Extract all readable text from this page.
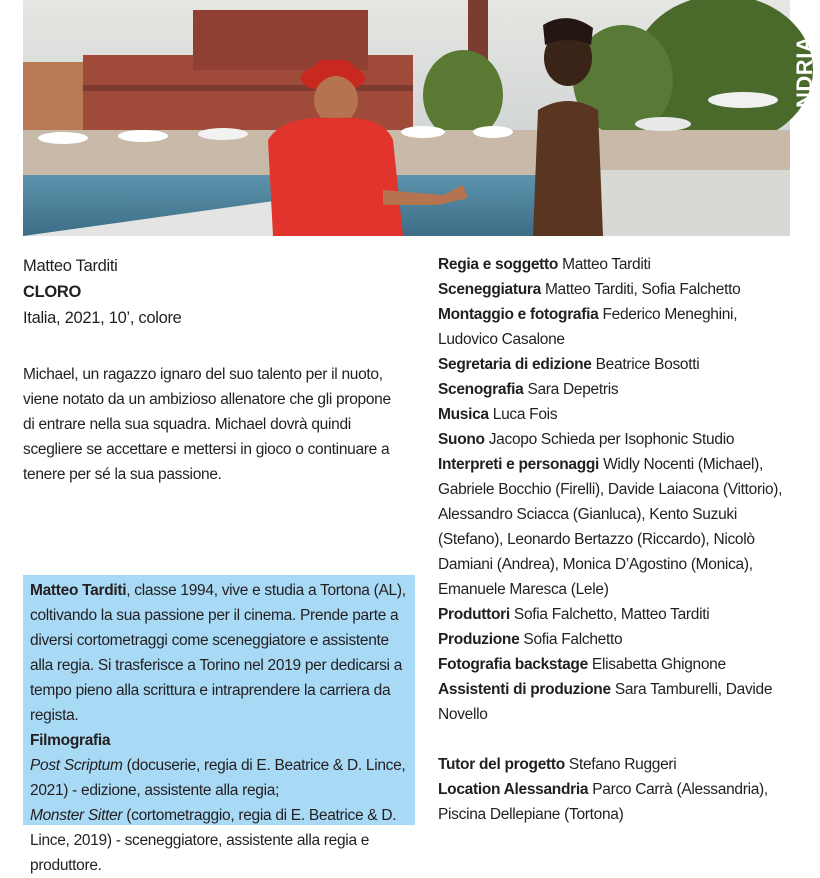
ALESSANDRIA
Matteo Tarditi
CLORO
Italia, 2021, 10’, colore
Michael, un ragazzo ignaro del suo talento per il nuoto, viene notato da un ambizioso allenatore che gli propone di entrare nella sua squadra. Michael dovrà quindi scegliere se accettare e mettersi in gioco o continuare a tenere per sé la sua passione.

Matteo Tarditi, classe 1994, vive e studia a Tortona (AL), coltivando la sua passione per il cinema. Prende parte a diversi cortometraggi come sceneggiatore e assistente alla regia. Si trasferisce a Torino nel 2019 per dedicarsi a tempo pieno alla scrittura e intraprendere la carriera da regista.

Filmografia

Post Scriptum (docuserie, regia di E. Beatrice & D. Lince, 2021) - edizione, assistente alla regia;

Monster Sitter (cortometraggio, regia di E. Beatrice & D. Lince, 2019) - sceneggiatore, assistente alla regia e produttore.

Regia e soggetto Matteo Tarditi
Sceneggiatura Matteo Tarditi, Sofia Falchetto
Montaggio e fotografia Federico Meneghini, Ludovico Casalone
Segretaria di edizione Beatrice Bosotti
Scenografia Sara Depetris
Musica Luca Fois
Suono Jacopo Schieda per Isophonic Studio
Interpreti e personaggi Widly Nocenti (Michael), Gabriele Bocchio (Firelli), Davide Laiacona (Vittorio), Alessandro Sciacca (Gianluca), Kento Suzuki (Stefano), Leonardo Bertazzo (Riccardo), Nicolò Damiani (Andrea), Monica D’Agostino (Monica), Emanuele Maresca (Lele)
Produttori Sofia Falchetto, Matteo Tarditi
Produzione Sofia Falchetto
Fotografia backstage Elisabetta Ghignone
Assistenti di produzione Sara Tamburelli, Davide Novello
Tutor del progetto Stefano Ruggeri
Location Alessandria Parco Carrà (Alessandria), Piscina Dellepiane (Tortona)
